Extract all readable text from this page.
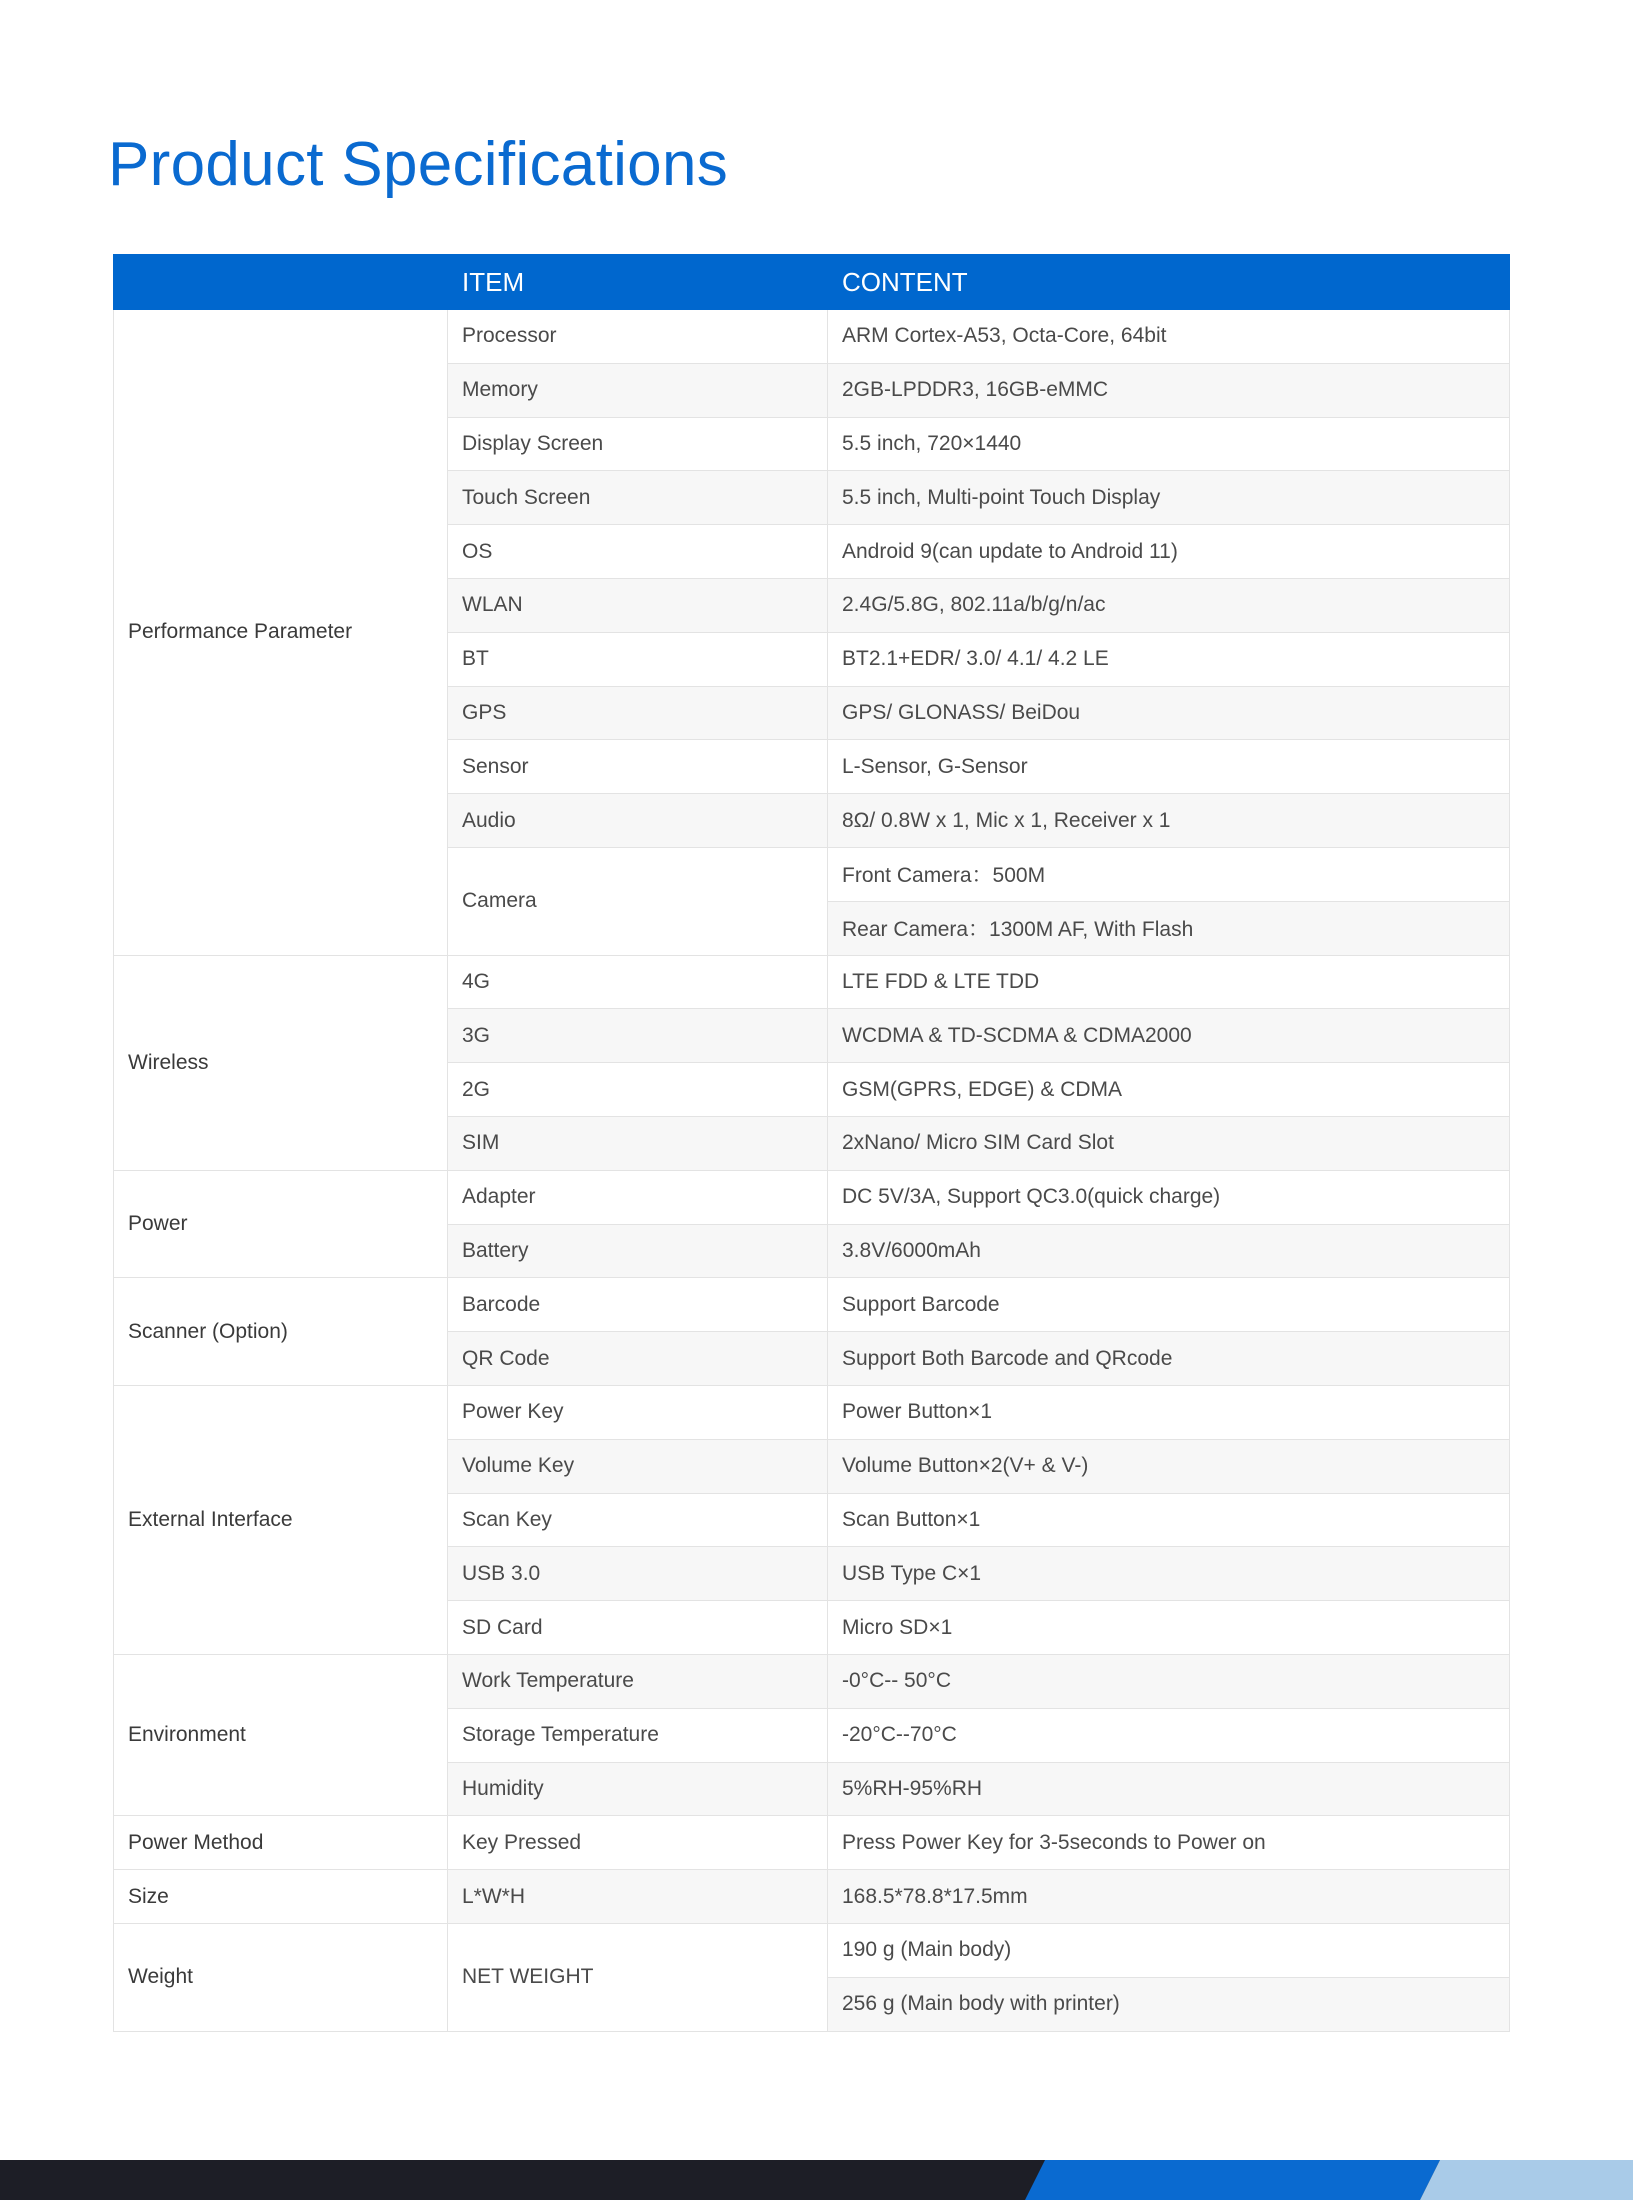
Product Specifications
	ITEM	CONTENT
Performance Parameter	Processor	ARM Cortex-A53, Octa-Core, 64bit
	Memory	2GB-LPDDR3, 16GB-eMMC
	Display Screen	5.5 inch, 720×1440
	Touch Screen	5.5 inch, Multi-point Touch Display
	OS	Android 9(can update to Android 11)
	WLAN	2.4G/5.8G, 802.11a/b/g/n/ac
	BT	BT2.1+EDR/ 3.0/ 4.1/ 4.2 LE
	GPS	GPS/ GLONASS/ BeiDou
	Sensor	L-Sensor, G-Sensor
	Audio	8Ω/ 0.8W x 1, Mic x 1, Receiver x 1
	Camera	Front Camera：500M
		Rear Camera：1300M AF, With Flash
Wireless	4G	LTE FDD & LTE TDD
	3G	WCDMA & TD-SCDMA & CDMA2000
	2G	GSM(GPRS, EDGE) & CDMA
	SIM	2xNano/ Micro SIM Card Slot
Power	Adapter	DC 5V/3A, Support QC3.0(quick charge)
	Battery	3.8V/6000mAh
Scanner (Option)	Barcode	Support Barcode
	QR Code	Support Both Barcode and QRcode
External Interface	Power Key	Power Button×1
	Volume Key	Volume Button×2(V+ & V-)
	Scan Key	Scan Button×1
	USB 3.0	USB Type C×1
	SD Card	Micro SD×1
Environment	Work Temperature	-0°C-- 50°C
	Storage Temperature	-20°C--70°C
	Humidity	5%RH-95%RH
Power Method	Key Pressed	Press Power Key for 3-5seconds to Power on
Size	L*W*H	168.5*78.8*17.5mm
Weight	NET WEIGHT	190 g (Main body)
		256 g (Main body with printer)
